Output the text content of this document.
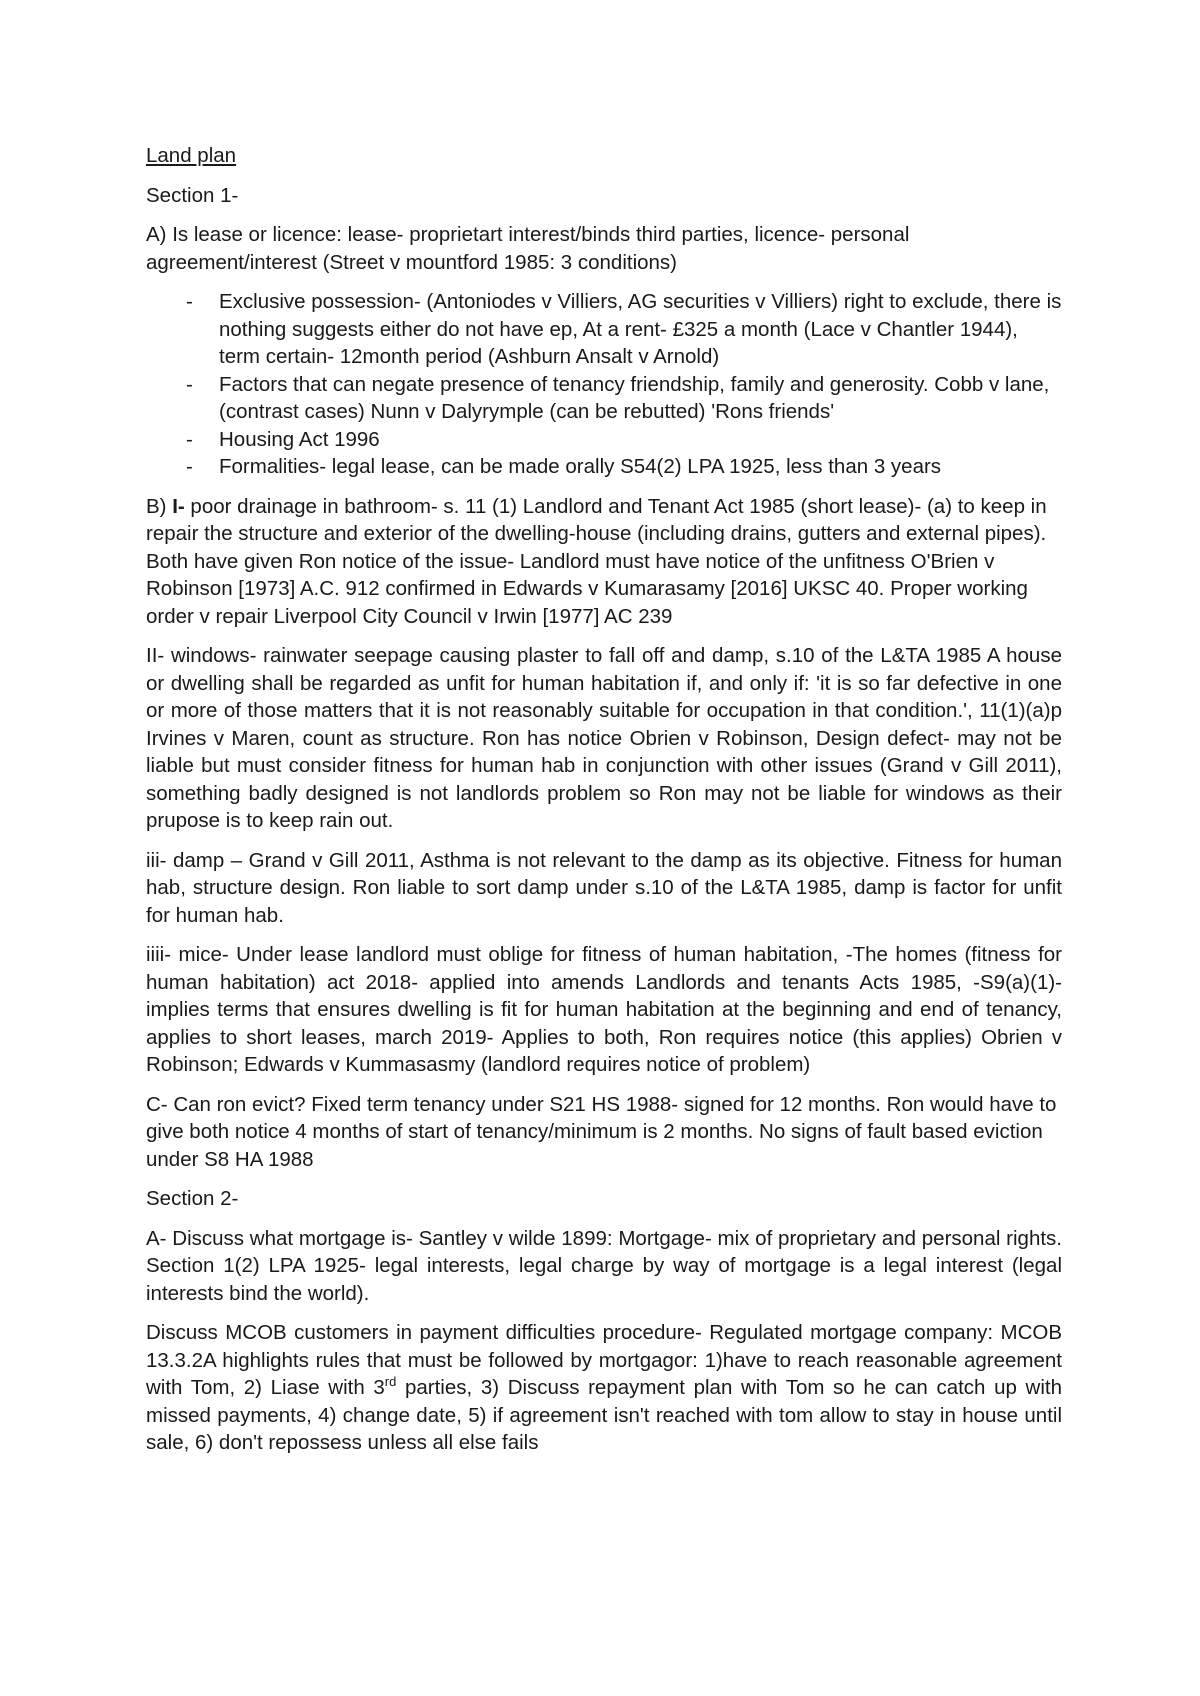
Land plan

Section 1-

A) Is lease or licence: lease- proprietart interest/binds third parties, licence- personal agreement/interest (Street v mountford 1985: 3 conditions)

- Exclusive possession- (Antoniodes v Villiers, AG securities v Villiers) right to exclude, there is nothing suggests either do not have ep, At a rent- £325 a month (Lace v Chantler 1944), term certain- 12month period (Ashburn Ansalt v Arnold)
- Factors that can negate presence of tenancy friendship, family and generosity. Cobb v lane, (contrast cases) Nunn v Dalyrymple (can be rebutted) 'Rons friends'
- Housing Act 1996
- Formalities- legal lease, can be made orally S54(2) LPA 1925, less than 3 years

B) I- poor drainage in bathroom- s. 11 (1) Landlord and Tenant Act 1985 (short lease)- (a) to keep in repair the structure and exterior of the dwelling-house (including drains, gutters and external pipes). Both have given Ron notice of the issue- Landlord must have notice of the unfitness O'Brien v Robinson [1973] A.C. 912 confirmed in Edwards v Kumarasamy [2016] UKSC 40. Proper working order v repair Liverpool City Council v Irwin [1977] AC 239

II- windows- rainwater seepage causing plaster to fall off and damp, s.10 of the L&TA 1985 A house or dwelling shall be regarded as unfit for human habitation if, and only if: 'it is so far defective in one or more of those matters that it is not reasonably suitable for occupation in that condition.', 11(1)(a)p Irvines v Maren, count as structure. Ron has notice Obrien v Robinson, Design defect- may not be liable but must consider fitness for human hab in conjunction with other issues (Grand v Gill 2011), something badly designed is not landlords problem so Ron may not be liable for windows as their prupose is to keep rain out.

iii- damp – Grand v Gill 2011, Asthma is not relevant to the damp as its objective. Fitness for human hab, structure design. Ron liable to sort damp under s.10 of the L&TA 1985, damp is factor for unfit for human hab.

iiii- mice- Under lease landlord must oblige for fitness of human habitation, -The homes (fitness for human habitation) act 2018- applied into amends Landlords and tenants Acts 1985, -S9(a)(1)- implies terms that ensures dwelling is fit for human habitation at the beginning and end of tenancy, applies to short leases, march 2019- Applies to both, Ron requires notice (this applies) Obrien v Robinson; Edwards v Kummasasmy (landlord requires notice of problem)

C- Can ron evict? Fixed term tenancy under S21 HS 1988- signed for 12 months. Ron would have to give both notice 4 months of start of tenancy/minimum is 2 months. No signs of fault based eviction under S8 HA 1988

Section 2-

A- Discuss what mortgage is- Santley v wilde 1899: Mortgage- mix of proprietary and personal rights. Section 1(2) LPA 1925- legal interests, legal charge by way of mortgage is a legal interest (legal interests bind the world).

Discuss MCOB customers in payment difficulties procedure- Regulated mortgage company: MCOB 13.3.2A highlights rules that must be followed by mortgagor: 1)have to reach reasonable agreement with Tom, 2) Liase with 3rd parties, 3) Discuss repayment plan with Tom so he can catch up with missed payments, 4) change date, 5) if agreement isn't reached with tom allow to stay in house until sale, 6) don't repossess unless all else fails
